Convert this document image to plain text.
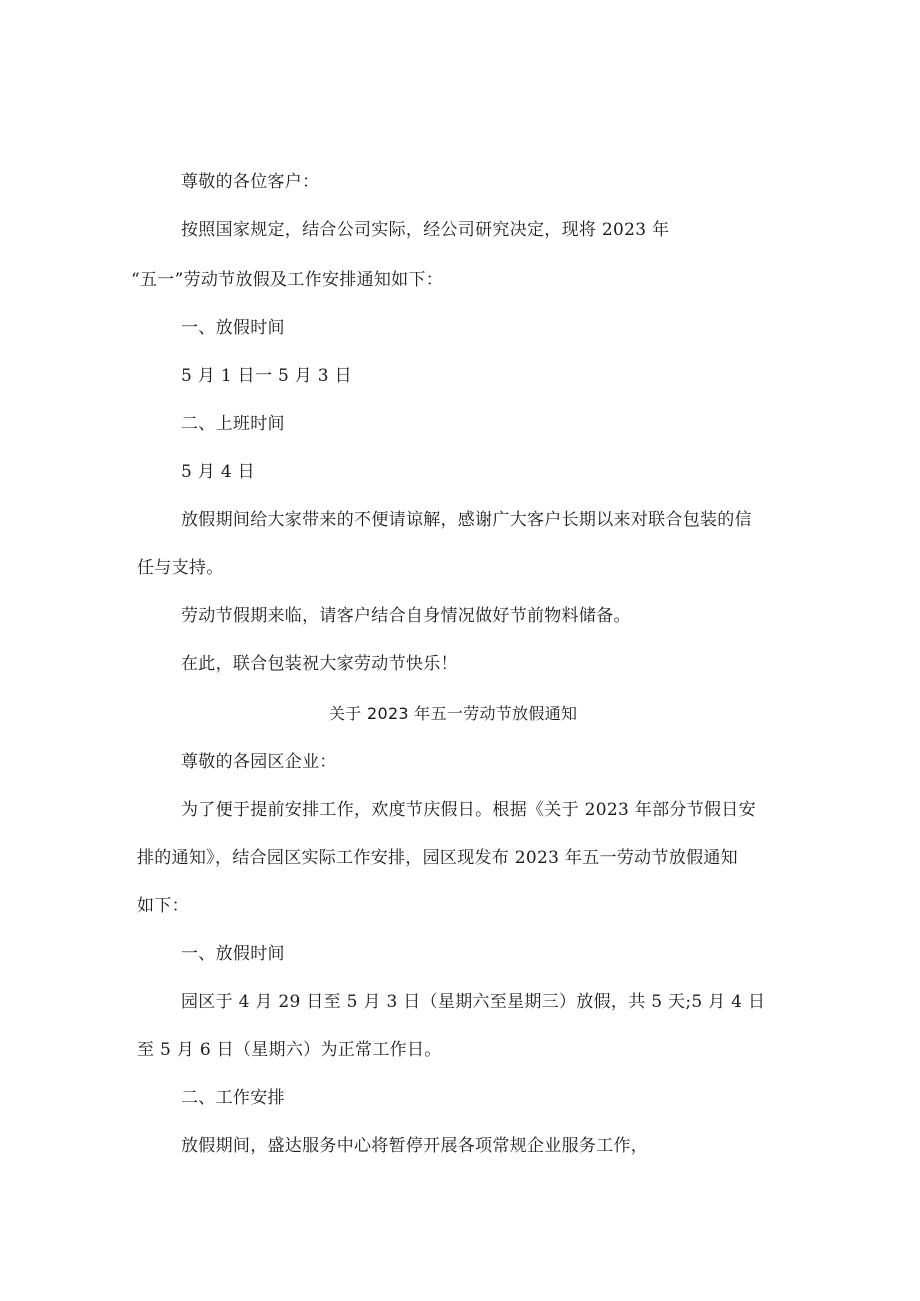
尊敬的各位客户：
按照国家规定，结合公司实际，经公司研究决定，现将 2023 年
“五一”劳动节放假及工作安排通知如下：
一、放假时间
5 月 1 日一 5 月 3 日
二、上班时间
5 月 4 日
放假期间给大家带来的不便请谅解，感谢广大客户长期以来对联合包装的信
任与支持。
劳动节假期来临，请客户结合自身情况做好节前物料储备。
在此，联合包装祝大家劳动节快乐！
关于 2023 年五一劳动节放假通知
尊敬的各园区企业：
为了便于提前安排工作，欢度节庆假日。根据《关于 2023 年部分节假日安
排的通知》，结合园区实际工作安排，园区现发布 2023 年五一劳动节放假通知
如下：
一、放假时间
园区于 4 月 29 日至 5 月 3 日（星期六至星期三）放假，共 5 天;5 月 4 日
至 5 月 6 日（星期六）为正常工作日。
二、工作安排
放假期间，盛达服务中心将暂停开展各项常规企业服务工作，
